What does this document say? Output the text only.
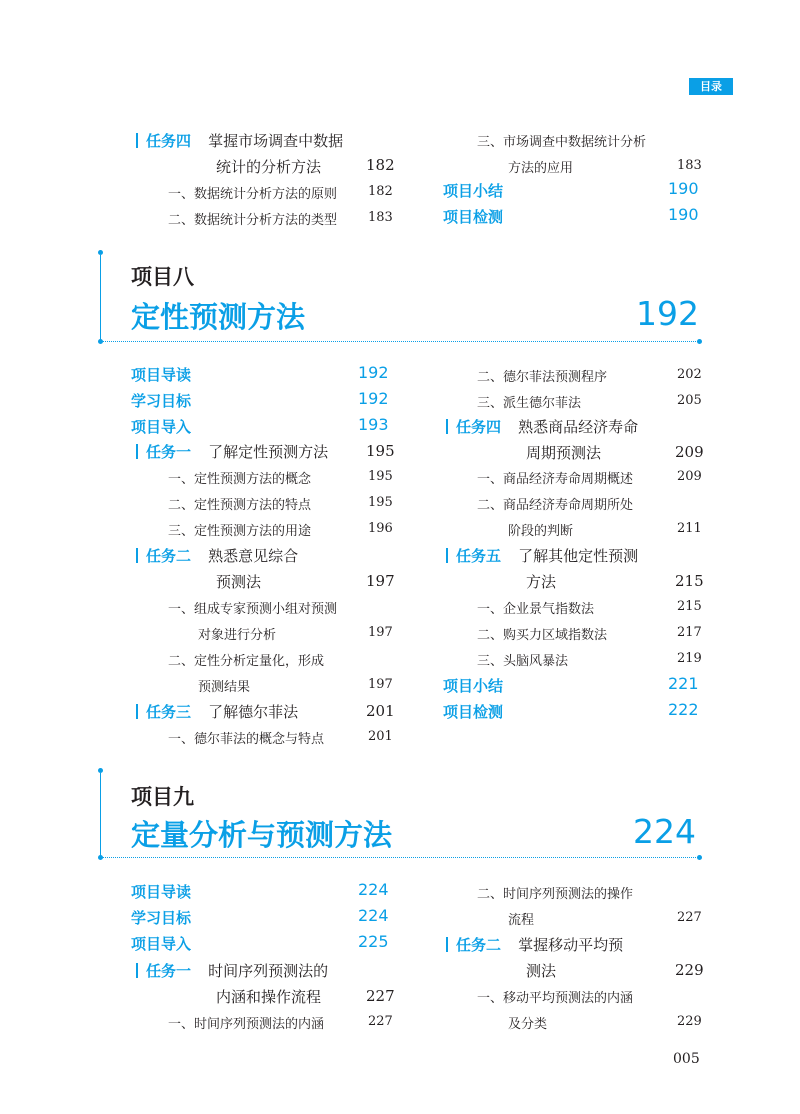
目录
任务四 掌握市场调查中数据
统计的分析方法	182
一、数据统计分析方法的原则 182
二、数据统计分析方法的类型 183
三、市场调查中数据统计分析
方法的应用	183
项目小结	190
项目检测	190
项目八
定性预测方法	192
项目导读	192
学习目标	192
项目导入	193
任务一 了解定性预测方法	195
一、定性预测方法的概念	195
二、定性预测方法的特点	195
三、定性预测方法的用途	196
任务二 熟悉意见综合
预测法	197
一、组成专家预测小组对预测
对象进行分析	197
二、定性分析定量化，形成
预测结果	197
任务三 了解德尔菲法	201
一、德尔菲法的概念与特点	201
二、德尔菲法预测程序	202
三、派生德尔菲法	205
任务四 熟悉商品经济寿命
周期预测法	209
一、商品经济寿命周期概述	209
二、商品经济寿命周期所处
阶段的判断	211
任务五 了解其他定性预测
方法	215
一、企业景气指数法	215
二、购买力区域指数法	217
三、头脑风暴法	219
项目小结	221
项目检测	222
项目九
定量分析与预测方法	224
项目导读	224
学习目标	224
项目导入	225
任务一 时间序列预测法的
内涵和操作流程	227
一、时间序列预测法的内涵	227
二、时间序列预测法的操作
流程	227
任务二 掌握移动平均预
测法	229
一、移动平均预测法的内涵
及分类	229
005
